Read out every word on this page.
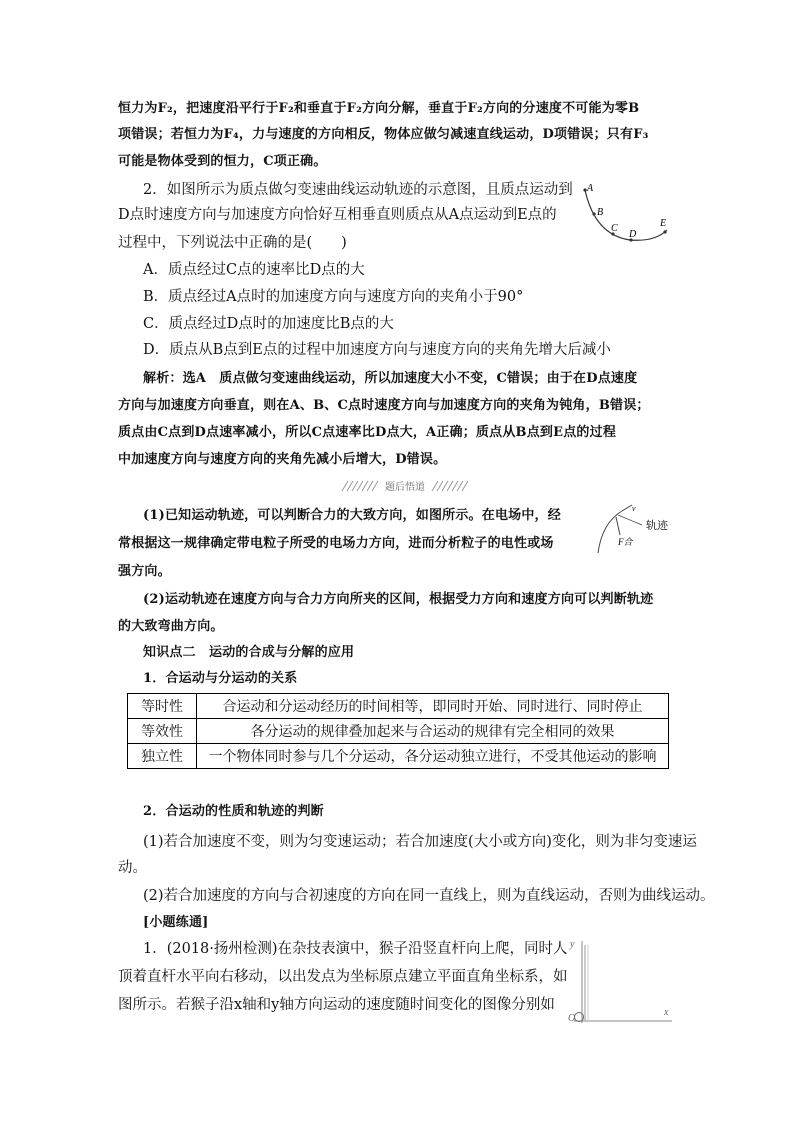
恒力为F₂，把速度沿平行于F₂和垂直于F₂方向分解，垂直于F₂方向的分速度不可能为零B
项错误；若恒力为F₄，力与速度的方向相反，物体应做匀减速直线运动，D项错误；只有F₃
可能是物体受到的恒力，C项正确。
2．如图所示为质点做匀变速曲线运动轨迹的示意图，且质点运动到
D点时速度方向与加速度方向恰好互相垂直则质点从A点运动到E点的
过程中，下列说法中正确的是(　　)
A．质点经过C点的速率比D点的大
B．质点经过A点时的加速度方向与速度方向的夹角小于90°
C．质点经过D点时的加速度比B点的大
D．质点从B点到E点的过程中加速度方向与速度方向的夹角先增大后减小
A
B
C
D
E
解析：选A　质点做匀变速曲线运动，所以加速度大小不变，C错误；由于在D点速度
方向与加速度方向垂直，则在A、B、C点时速度方向与加速度方向的夹角为钝角，B错误；
质点由C点到D点速率减小，所以C点速率比D点大，A正确；质点从B点到E点的过程
中加速度方向与速度方向的夹角先减小后增大，D错误。
题后悟道
(1)已知运动轨迹，可以判断合力的大致方向，如图所示。在电场中，经
常根据这一规律确定带电粒子所受的电场力方向，进而分析粒子的电性或场
强方向。
(2)运动轨迹在速度方向与合力方向所夹的区间，根据受力方向和速度方向可以判断轨迹
的大致弯曲方向。
v
轨迹
F合
知识点二　运动的合成与分解的应用
1．合运动与分运动的关系
等时性	合运动和分运动经历的时间相等，即同时开始、同时进行、同时停止
等效性	各分运动的规律叠加起来与合运动的规律有完全相同的效果
独立性	一个物体同时参与几个分运动，各分运动独立进行，不受其他运动的影响
2．合运动的性质和轨迹的判断
(1)若合加速度不变，则为匀变速运动；若合加速度(大小或方向)变化，则为非匀变速运
动。
(2)若合加速度的方向与合初速度的方向在同一直线上，则为直线运动，否则为曲线运动。
[小题练通]
1．(2018·扬州检测)在杂技表演中，猴子沿竖直杆向上爬，同时人
顶着直杆水平向右移动，以出发点为坐标原点建立平面直角坐标系，如
图所示。若猴子沿x轴和y轴方向运动的速度随时间变化的图像分别如
y
x
O
